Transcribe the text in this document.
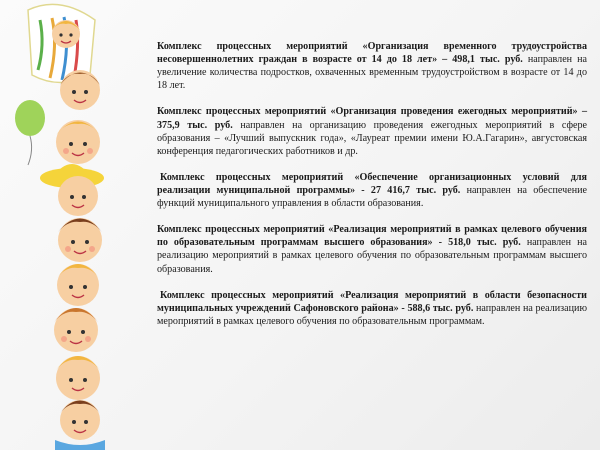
Комплекс процессных мероприятий «Организация временного трудоустройства несовершеннолетних граждан в возрасте от 14 до 18 лет» – 498,1 тыс. руб. направлен на увеличение количества подростков, охваченных временным трудоустройством в возрасте от 14 до 18 лет.

Комплекс процессных мероприятий «Организация проведения ежегодных мероприятий» – 375,9 тыс. руб. направлен на организацию проведения ежегодных мероприятий в сфере образования – «Лучший выпускник года», «Лауреат премии имени Ю.А.Гагарин», августовская конференция педагогических работников и др.

Комплекс процессных мероприятий «Обеспечение организационных условий для реализации муниципальной программы» - 27 416,7 тыс. руб. направлен на обеспечение функций муниципального управления в области образования.

Комплекс процессных мероприятий «Реализация мероприятий в рамках целевого обучения по образовательным программам высшего образования» - 518,0 тыс. руб. направлен на реализацию мероприятий в рамках целевого обучения по образовательным программам высшего образования.

Комплекс процессных мероприятий «Реализация мероприятий в области безопасности муниципальных учреждений Сафоновского района» - 588,6 тыс. руб. направлен на реализацию мероприятий в рамках целевого обучения по образовательным программам.
